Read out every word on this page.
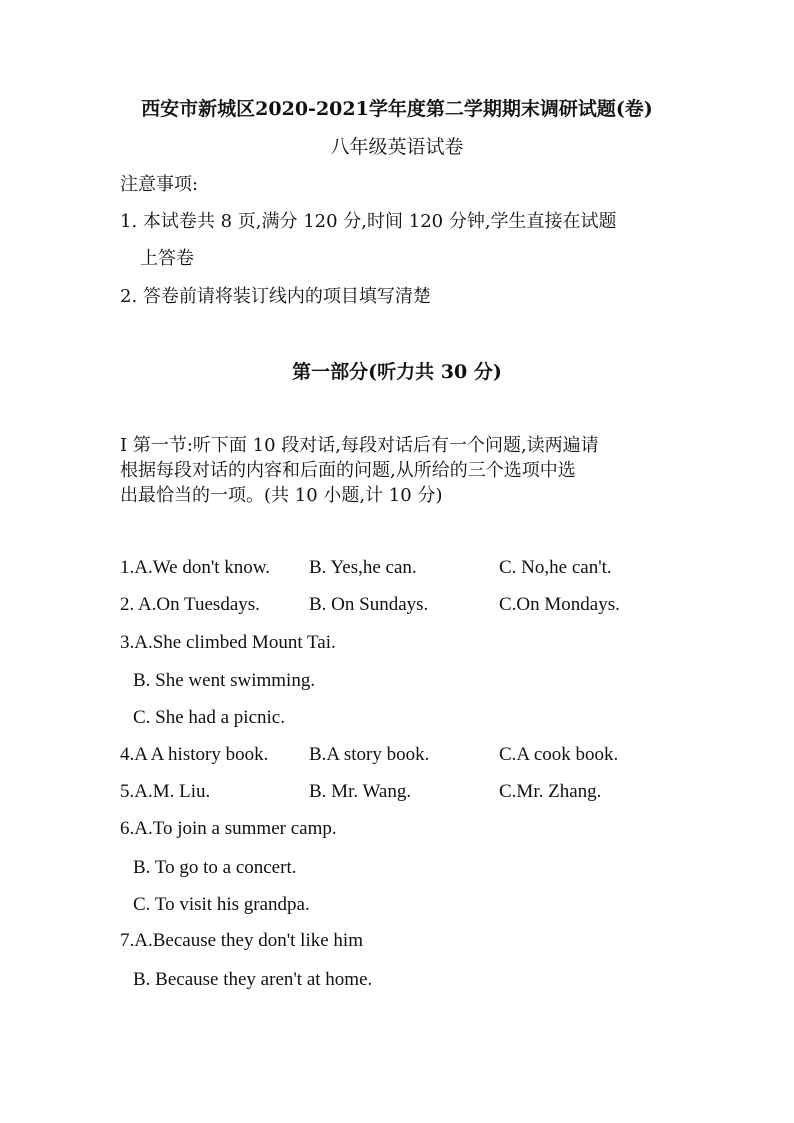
西安市新城区2020-2021学年度第二学期期末调研试题(卷)
八年级英语试卷
注意事项:
1. 本试卷共 8 页,满分 120 分,时间 120 分钟,学生直接在试题
上答卷
2. 答卷前请将装订线内的项目填写清楚
第一部分(听力共 30 分)
I 第一节:听下面 10 段对话,每段对话后有一个问题,读两遍请
根据每段对话的内容和后面的问题,从所给的三个选项中选
出最恰当的一项。(共 10 小题,计 10 分)
1.A.We don't know. B. Yes,he can.	C. No,he can't.
2. A.On Tuesdays.	B. On Sundays.	C.On Mondays.
3.A.She climbed Mount Tai.
B. She went swimming.
C. She had a picnic.
4.A A history book. B.A story book.	C.A cook book.
5.A.M. Liu.	B. Mr. Wang.	C.Mr. Zhang.
6.A.To join a summer camp.
B. To go to a concert.
C. To visit his grandpa.
7.A.Because they don't like him
B. Because they aren't at home.
